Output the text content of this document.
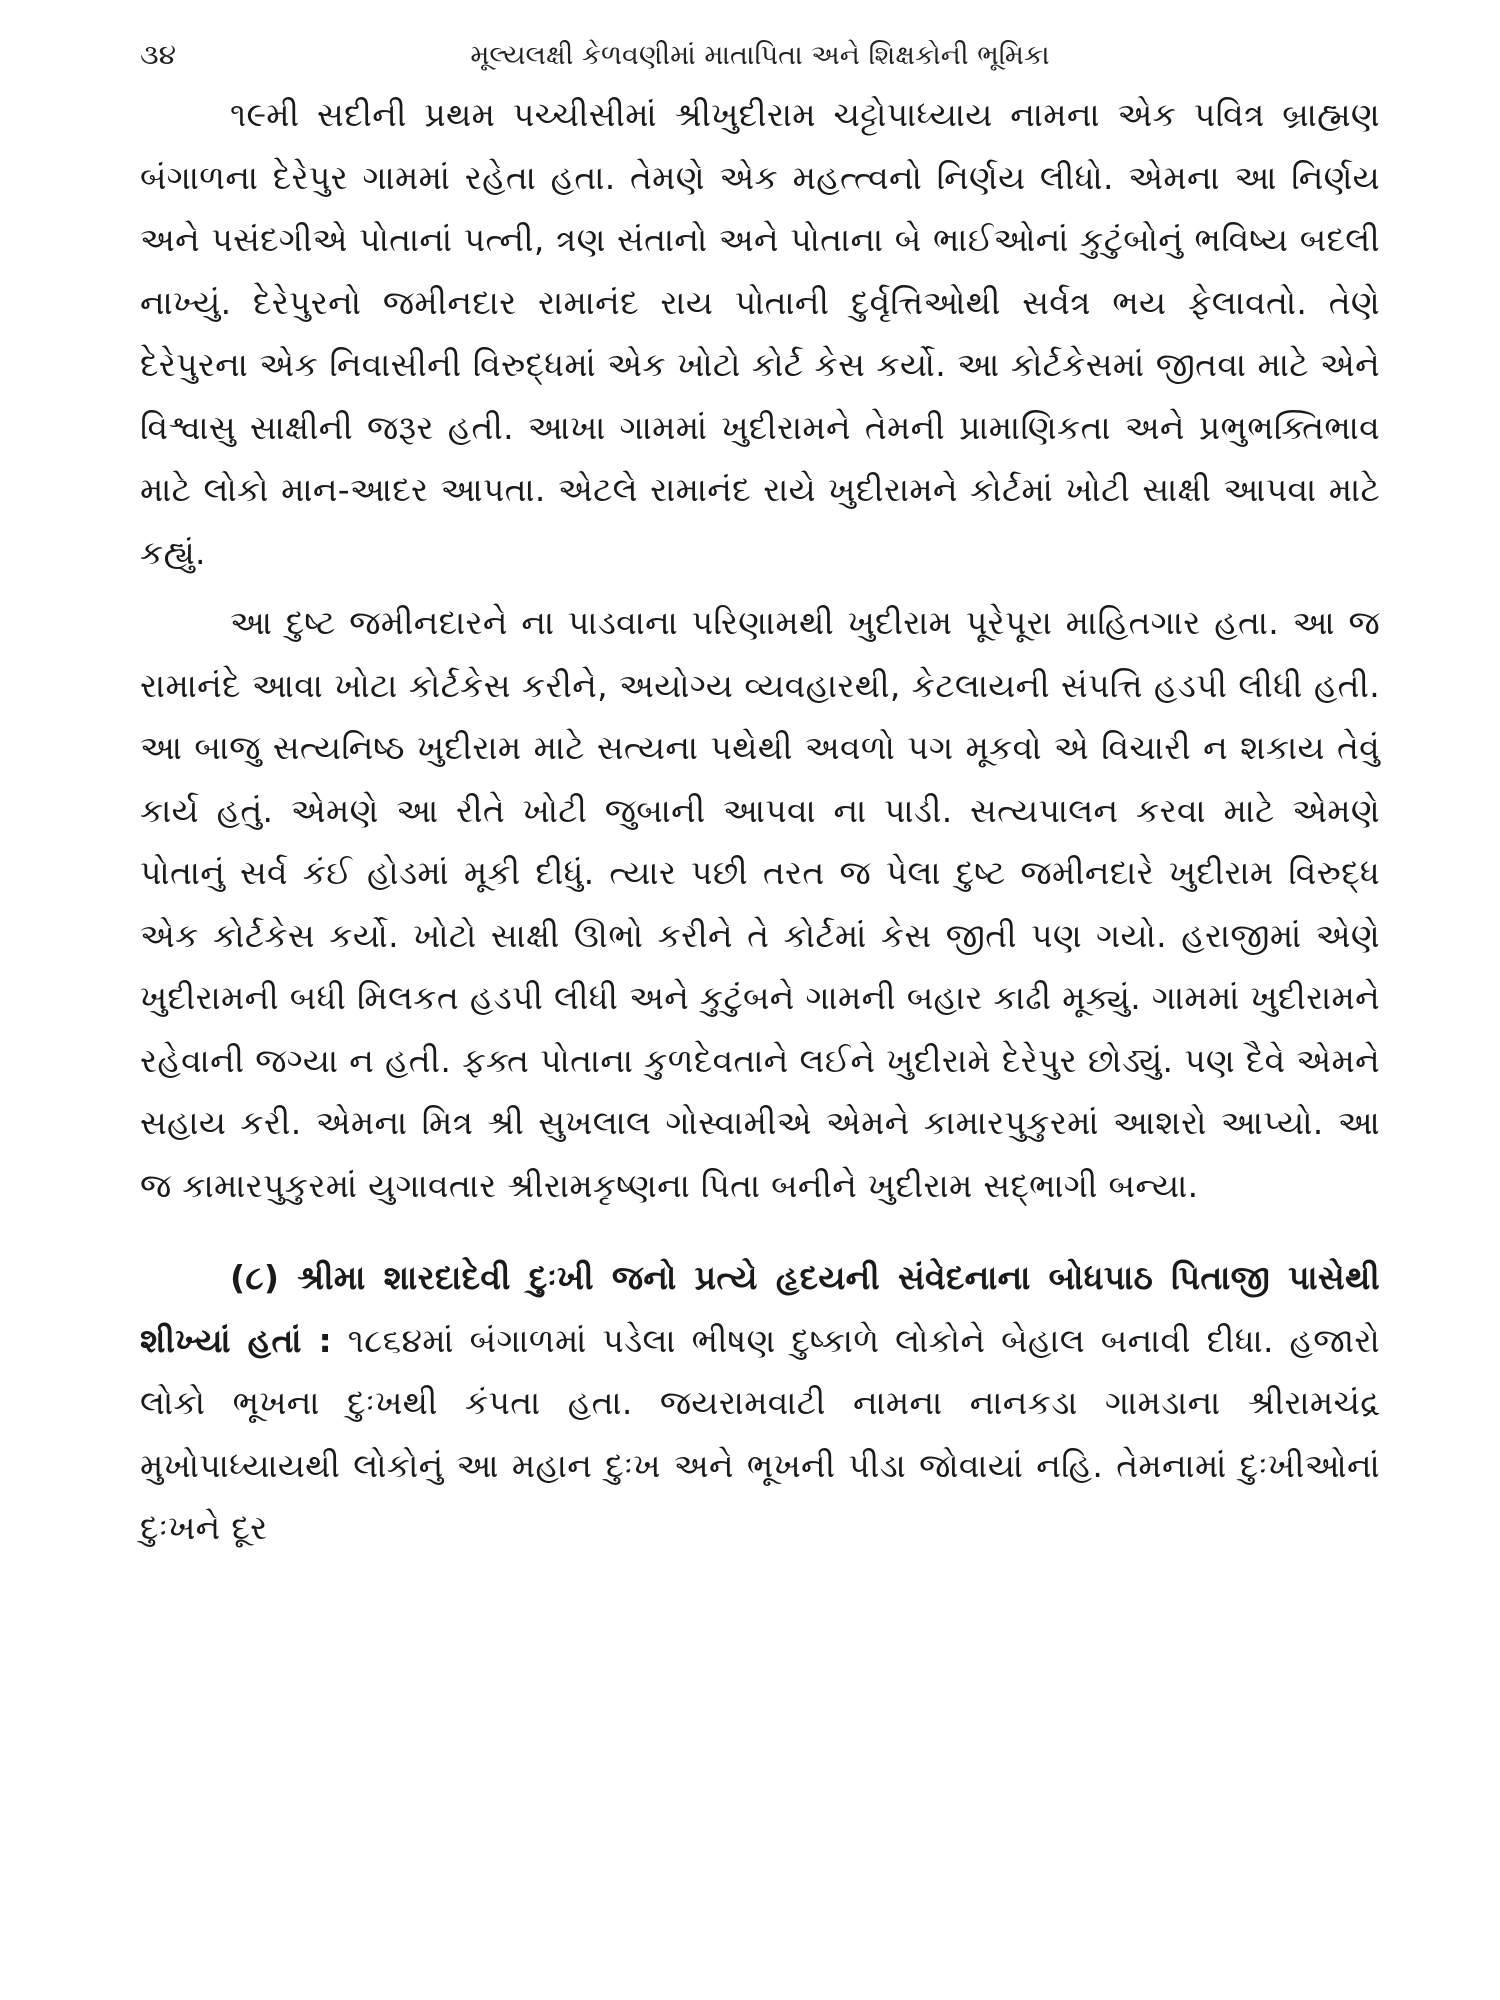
૩૪	મૂલ્યલક્ષી કેળવણીમાં માતાપિતા અને શિક્ષકોની ભૂમિકા

૧૯મી સદીની પ્રથમ પચ્ચીસીમાં શ્રીખુદીરામ ચટ્ટોપાધ્યાય નામના એક પવિત્ર બ્રાહ્મણ બંગાળના દેરેપુર ગામમાં રહેતા હતા. તેમણે એક મહત્ત્વનો નિર્ણય લીધો. એમના આ નિર્ણય અને પસંદગીએ પોતાનાં પત્ની, ત્રણ સંતાનો અને પોતાના બે ભાઈઓનાં કુટુંબોનું ભવિષ્ય બદલી નાખ્યું. દેરેપુરનો જમીનદાર રામાનંદ રાય પોતાની દુર્વૃત્તિઓથી સર્વત્ર ભય ફેલાવતો. તેણે દેરેપુરના એક નિવાસીની વિરુદ્ધમાં એક ખોટો કોર્ટ કેસ કર્યો. આ કોર્ટકેસમાં જીતવા માટે એને વિશ્વાસુ સાક્ષીની જરૂર હતી. આખા ગામમાં ખુદીરામને તેમની પ્રામાણિકતા અને પ્રભુભક્તિભાવ માટે લોકો માન-આદર આપતા. એટલે રામાનંદ રાયે ખુદીરામને કોર્ટમાં ખોટી સાક્ષી આપવા માટે કહ્યું.

આ દુષ્ટ જમીનદારને ના પાડવાના પરિણામથી ખુદીરામ પૂરેપૂરા માહિતગાર હતા. આ જ રામાનંદે આવા ખોટા કોર્ટકેસ કરીને, અયોગ્ય વ્યવહારથી, કેટલાયની સંપત્તિ હડપી લીધી હતી. આ બાજુ સત્યનિષ્ઠ ખુદીરામ માટે સત્યના પથેથી અવળો પગ મૂકવો એ વિચારી ન શકાય તેવું કાર્ય હતું. એમણે આ રીતે ખોટી જુબાની આપવા ના પાડી. સત્યપાલન કરવા માટે એમણે પોતાનું સર્વ કંઈ હોડમાં મૂકી દીધું. ત્યાર પછી તરત જ પેલા દુષ્ટ જમીનદારે ખુદીરામ વિરુદ્ધ એક કોર્ટકેસ કર્યો. ખોટો સાક્ષી ઊભો કરીને તે કોર્ટમાં કેસ જીતી પણ ગયો. હરાજીમાં એણે ખુદીરામની બધી મિલકત હડપી લીધી અને કુટુંબને ગામની બહાર કાઢી મૂક્યું. ગામમાં ખુદીરામને રહેવાની જગ્યા ન હતી. ફક્ત પોતાના કુળદેવતાને લઈને ખુદીરામે દેરેપુર છોડ્યું. પણ દૈવે એમને સહાય કરી. એમના મિત્ર શ્રી સુખલાલ ગોસ્વામીએ એમને કામારપુકુરમાં આશરો આપ્યો. આ જ કામારપુકુરમાં યુગાવતાર શ્રીરામકૃષ્ણના પિતા બનીને ખુદીરામ સદ્ભાગી બન્યા.

(૮) શ્રીમા શારદાદેવી દુઃખી જનો પ્રત્યે હૃદયની સંવેદનાના બોધપાઠ પિતાજી પાસેથી શીખ્યાં હતાં : ૧૮૬૪માં બંગાળમાં પડેલા ભીષણ દુષ્કાળે લોકોને બેહાલ બનાવી દીધા. હજારો લોકો ભૂખના દુઃખથી કંપતા હતા. જયરામવાટી નામના નાનકડા ગામડાના શ્રીરામચંદ્ર મુખોપાધ્યાયથી લોકોનું આ મહાન દુઃખ અને ભૂખની પીડા જોવાયાં નહિ. તેમનામાં દુઃખીઓનાં દુઃખને દૂર
